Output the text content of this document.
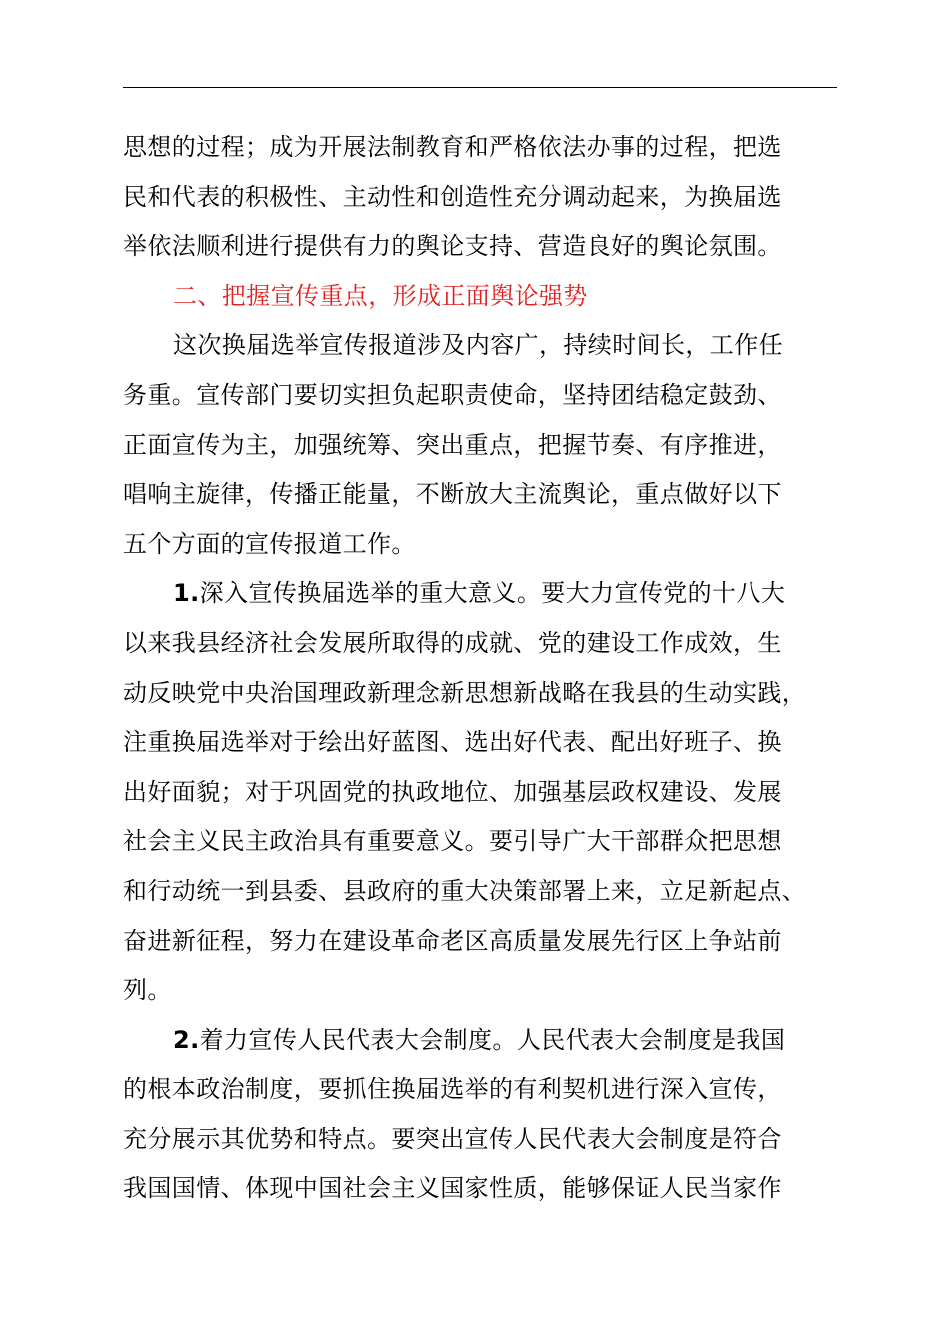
思想的过程；成为开展法制教育和严格依法办事的过程，把选
民和代表的积极性、主动性和创造性充分调动起来，为换届选
举依法顺利进行提供有力的舆论支持、营造良好的舆论氛围。
二、把握宣传重点，形成正面舆论强势
这次换届选举宣传报道涉及内容广，持续时间长，工作任
务重。宣传部门要切实担负起职责使命，坚持团结稳定鼓劲、
正面宣传为主，加强统筹、突出重点，把握节奏、有序推进，
唱响主旋律，传播正能量，不断放大主流舆论，重点做好以下
五个方面的宣传报道工作。
1.深入宣传换届选举的重大意义。要大力宣传党的十八大
以来我县经济社会发展所取得的成就、党的建设工作成效，生
动反映党中央治国理政新理念新思想新战略在我县的生动实践，
注重换届选举对于绘出好蓝图、选出好代表、配出好班子、换
出好面貌；对于巩固党的执政地位、加强基层政权建设、发展
社会主义民主政治具有重要意义。要引导广大干部群众把思想
和行动统一到县委、县政府的重大决策部署上来，立足新起点、
奋进新征程，努力在建设革命老区高质量发展先行区上争站前
列。
2.着力宣传人民代表大会制度。人民代表大会制度是我国
的根本政治制度，要抓住换届选举的有利契机进行深入宣传，
充分展示其优势和特点。要突出宣传人民代表大会制度是符合
我国国情、体现中国社会主义国家性质，能够保证人民当家作
